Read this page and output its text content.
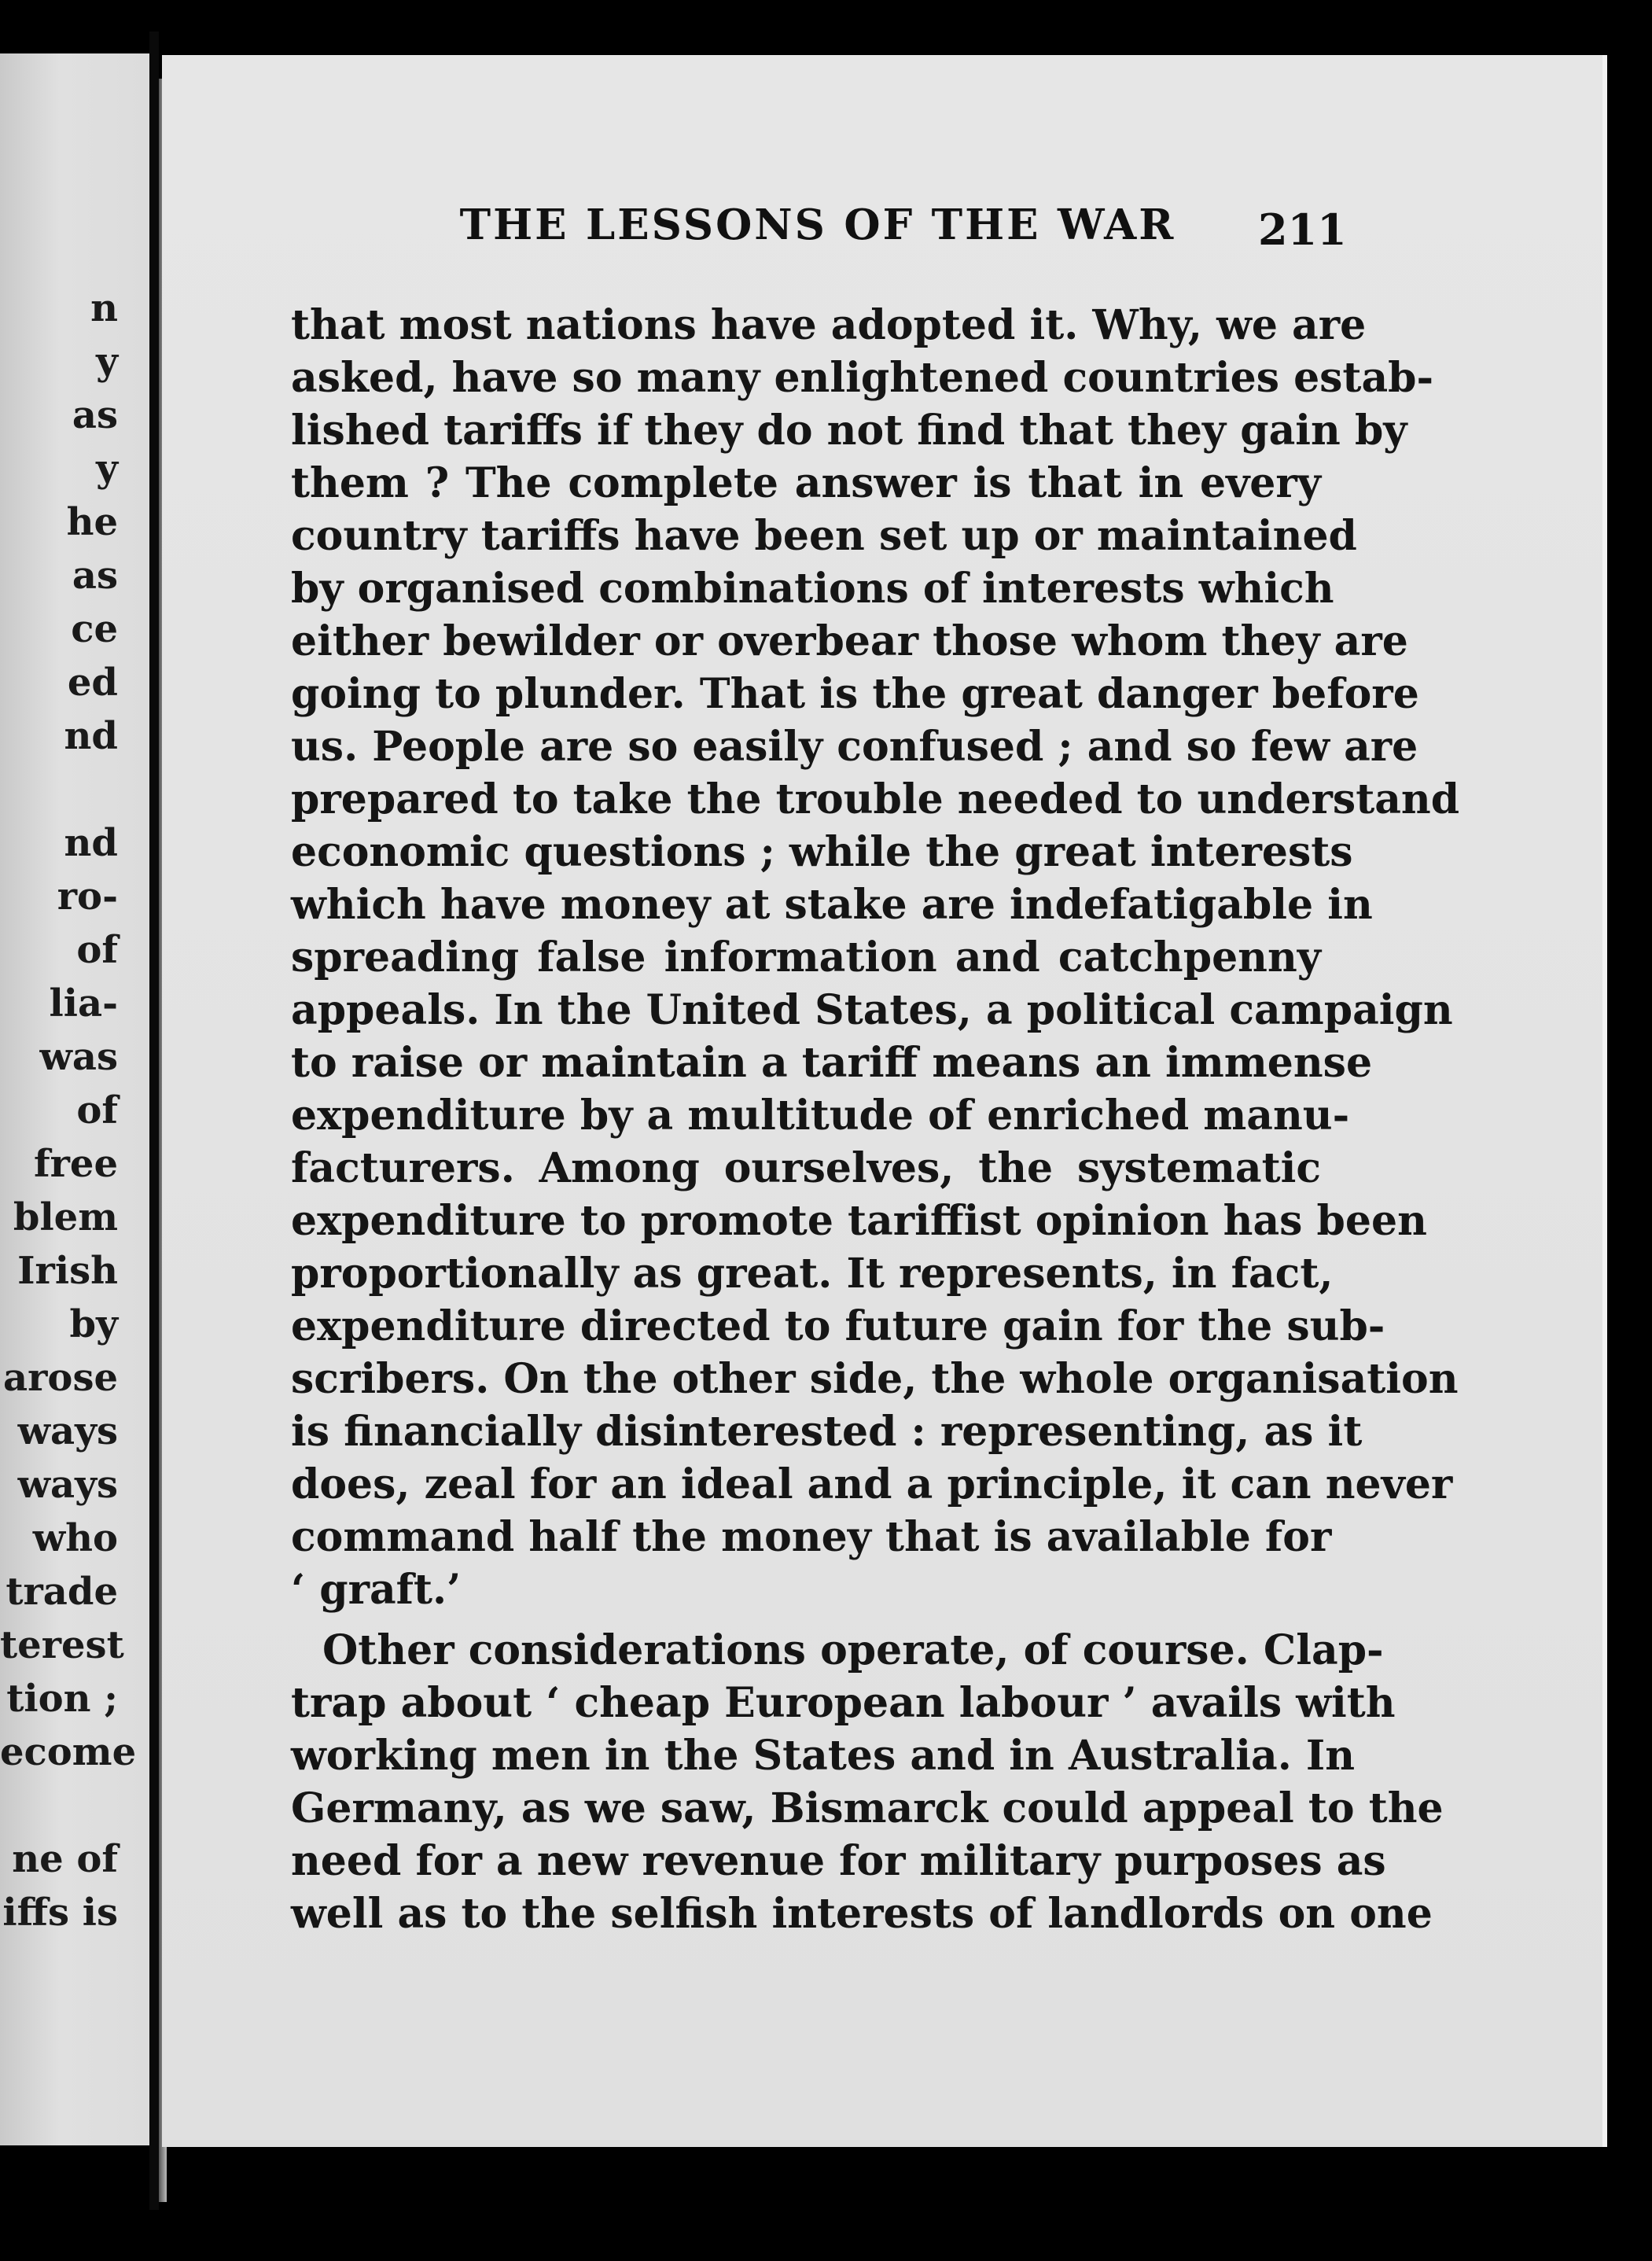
n
y
as
y
he
as
ce
ed
nd
nd
ro-
of
lia-
was
of
free
blem
Irish
by
arose
ways
ways
who
trade
terest
tion ;
ecome
ne of
iffs is
THE LESSONS OF THE WAR	211
that most nations have adopted it. Why, we are
asked, have so many enlightened countries estab-
lished tariffs if they do not find that they gain by
them ? The complete answer is that in every
country tariffs have been set up or maintained
by organised combinations of interests which
either bewilder or overbear those whom they are
going to plunder. That is the great danger before
us. People are so easily confused ; and so few are
prepared to take the trouble needed to understand
economic questions ; while the great interests
which have money at stake are indefatigable in
spreading false information and catchpenny
appeals. In the United States, a political campaign
to raise or maintain a tariff means an immense
expenditure by a multitude of enriched manu-
facturers. Among ourselves, the systematic
expenditure to promote tariffist opinion has been
proportionally as great. It represents, in fact,
expenditure directed to future gain for the sub-
scribers. On the other side, the whole organisation
is financially disinterested : representing, as it
does, zeal for an ideal and a principle, it can never
command half the money that is available for
‘ graft.’
Other considerations operate, of course. Clap-
trap about ‘ cheap European labour ’ avails with
working men in the States and in Australia. In
Germany, as we saw, Bismarck could appeal to the
need for a new revenue for military purposes as
well as to the selfish interests of landlords on one
